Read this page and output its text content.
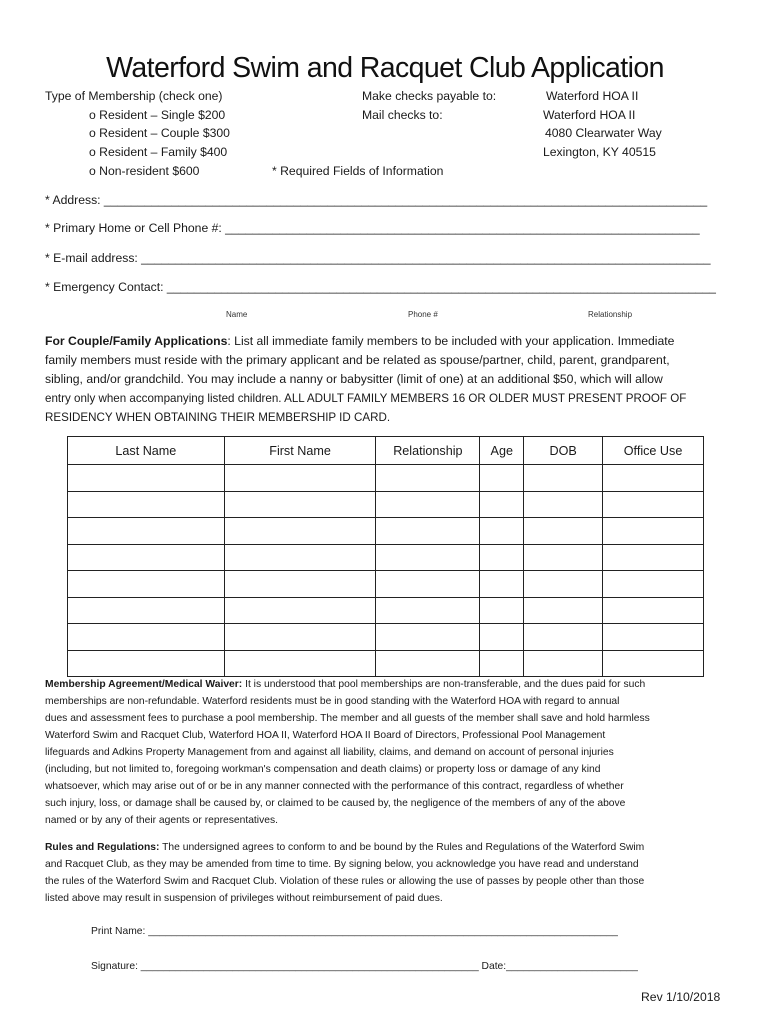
Waterford Swim and Racquet Club Application
Type of Membership (check one)
o Resident – Single $200
o Resident – Couple $300
o Resident – Family $400
o Non-resident $600
Make checks payable to:
Mail checks to:
Waterford HOA II
Waterford HOA II
4080 Clearwater Way
Lexington, KY 40515
* Required Fields of Information
* Address: _________________________________________________________________________________________
* Primary Home or Cell Phone #: ______________________________________________________________________
* E-mail address: ____________________________________________________________________________________
* Emergency Contact: _________________________________________________________________________________
Name	Phone #	Relationship

For Couple/Family Applications: List all immediate family members to be included with your application. Immediate

family members must reside with the primary applicant and be related as spouse/partner, child, parent, grandparent,

sibling, and/or grandchild. You may include a nanny or babysitter (limit of one) at an additional $50, which will allow

entry only when accompanying listed children. ALL ADULT FAMILY MEMBERS 16 OR OLDER MUST PRESENT PROOF OF

RESIDENCY WHEN OBTAINING THEIR MEMBERSHIP ID CARD.

Last Name	First Name	Relationship	Age	DOB	Office Use

Membership Agreement/Medical Waiver: It is understood that pool memberships are non-transferable, and the dues paid for such

memberships are non-refundable. Waterford residents must be in good standing with the Waterford HOA with regard to annual

dues and assessment fees to purchase a pool membership. The member and all guests of the member shall save and hold harmless

Waterford Swim and Racquet Club, Waterford HOA II, Waterford HOA II Board of Directors, Professional Pool Management

lifeguards and Adkins Property Management from and against all liability, claims, and demand on account of personal injuries

(including, but not limited to, foregoing workman's compensation and death claims) or property loss or damage of any kind

whatsoever, which may arise out of or be in any manner connected with the performance of this contract, regardless of whether

such injury, loss, or damage shall be caused by, or claimed to be caused by, the negligence of the members of any of the above

named or by any of their agents or representatives.

Rules and Regulations: The undersigned agrees to conform to and be bound by the Rules and Regulations of the Waterford Swim

and Racquet Club, as they may be amended from time to time. By signing below, you acknowledge you have read and understand

the rules of the Waterford Swim and Racquet Club. Violation of these rules or allowing the use of passes by people other than those

listed above may result in suspension of privileges without reimbursement of paid dues.

Print Name: __________________________________________________________________________________
Signature: ___________________________________________________________ Date:_______________________
Rev 1/10/2018
